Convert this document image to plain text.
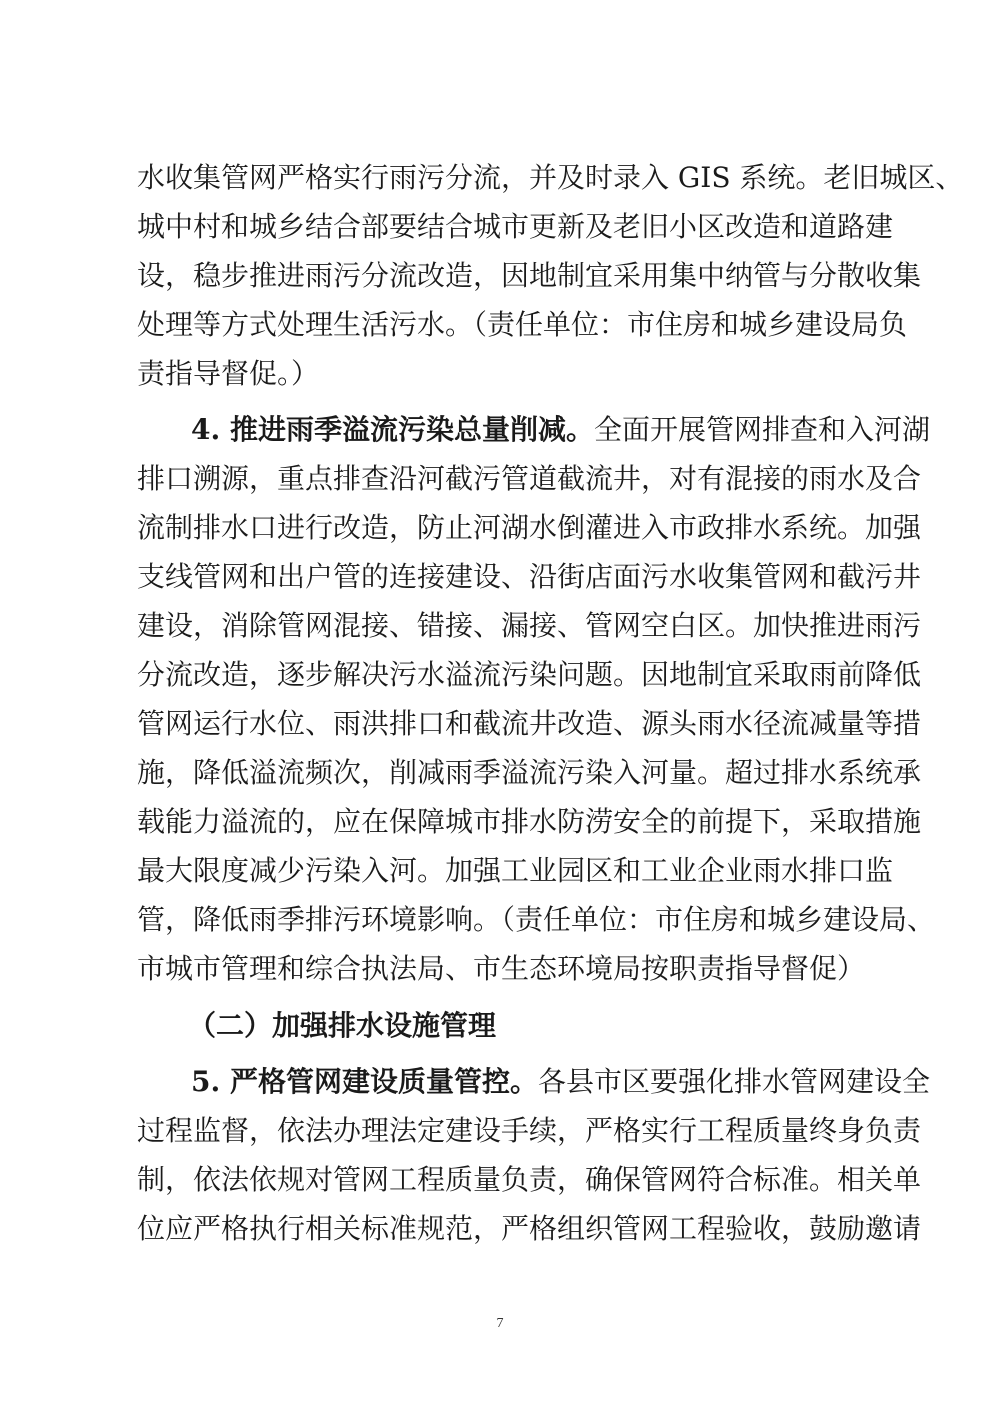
水收集管网严格实行雨污分流，并及时录入 GIS 系统。老旧城区、
城中村和城乡结合部要结合城市更新及老旧小区改造和道路建
设，稳步推进雨污分流改造，因地制宜采用集中纳管与分散收集
处理等方式处理生活污水。（责任单位：市住房和城乡建设局负
责指导督促。）
4. 推进雨季溢流污染总量削减。全面开展管网排查和入河湖
排口溯源，重点排查沿河截污管道截流井，对有混接的雨水及合
流制排水口进行改造，防止河湖水倒灌进入市政排水系统。加强
支线管网和出户管的连接建设、沿街店面污水收集管网和截污井
建设，消除管网混接、错接、漏接、管网空白区。加快推进雨污
分流改造，逐步解决污水溢流污染问题。因地制宜采取雨前降低
管网运行水位、雨洪排口和截流井改造、源头雨水径流减量等措
施，降低溢流频次，削减雨季溢流污染入河量。超过排水系统承
载能力溢流的，应在保障城市排水防涝安全的前提下，采取措施
最大限度减少污染入河。加强工业园区和工业企业雨水排口监
管，降低雨季排污环境影响。（责任单位：市住房和城乡建设局、
市城市管理和综合执法局、市生态环境局按职责指导督促）
（二）加强排水设施管理
5. 严格管网建设质量管控。各县市区要强化排水管网建设全
过程监督，依法办理法定建设手续，严格实行工程质量终身负责
制，依法依规对管网工程质量负责，确保管网符合标准。相关单
位应严格执行相关标准规范，严格组织管网工程验收，鼓励邀请
7
